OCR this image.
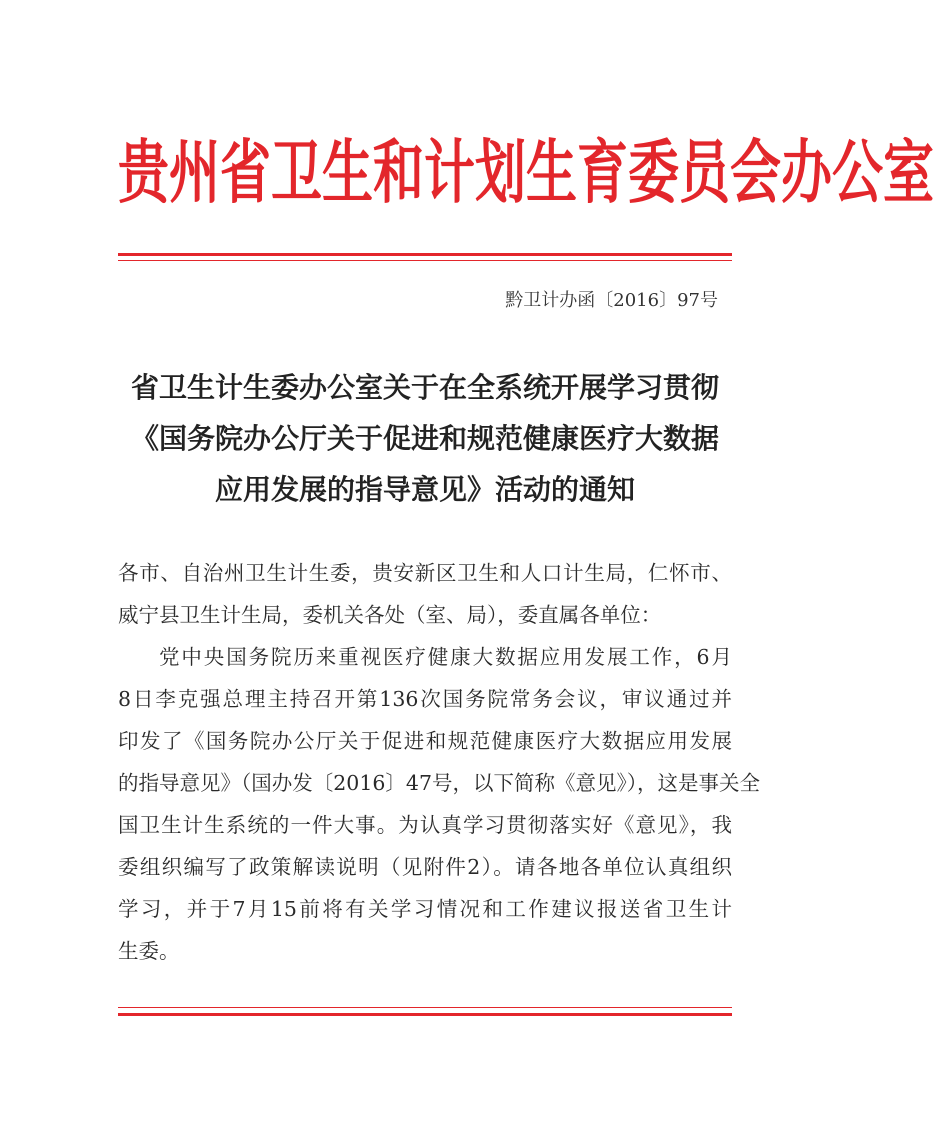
贵州省卫生和计划生育委员会办公室
黔卫计办函〔2016〕97号
省卫生计生委办公室关于在全系统开展学习贯彻
《国务院办公厅关于促进和规范健康医疗大数据
应用发展的指导意见》活动的通知

各市、自治州卫生计生委，贵安新区卫生和人口计生局，仁怀市、
威宁县卫生计生局，委机关各处（室、局），委直属各单位：

党中央国务院历来重视医疗健康大数据应用发展工作，6月
8日李克强总理主持召开第136次国务院常务会议，审议通过并
印发了《国务院办公厅关于促进和规范健康医疗大数据应用发展
的指导意见》（国办发〔2016〕47号，以下简称《意见》），这是事关全
国卫生计生系统的一件大事。为认真学习贯彻落实好《意见》，我
委组织编写了政策解读说明（见附件2）。请各地各单位认真组织
学习，并于7月15前将有关学习情况和工作建议报送省卫生计
生委。
